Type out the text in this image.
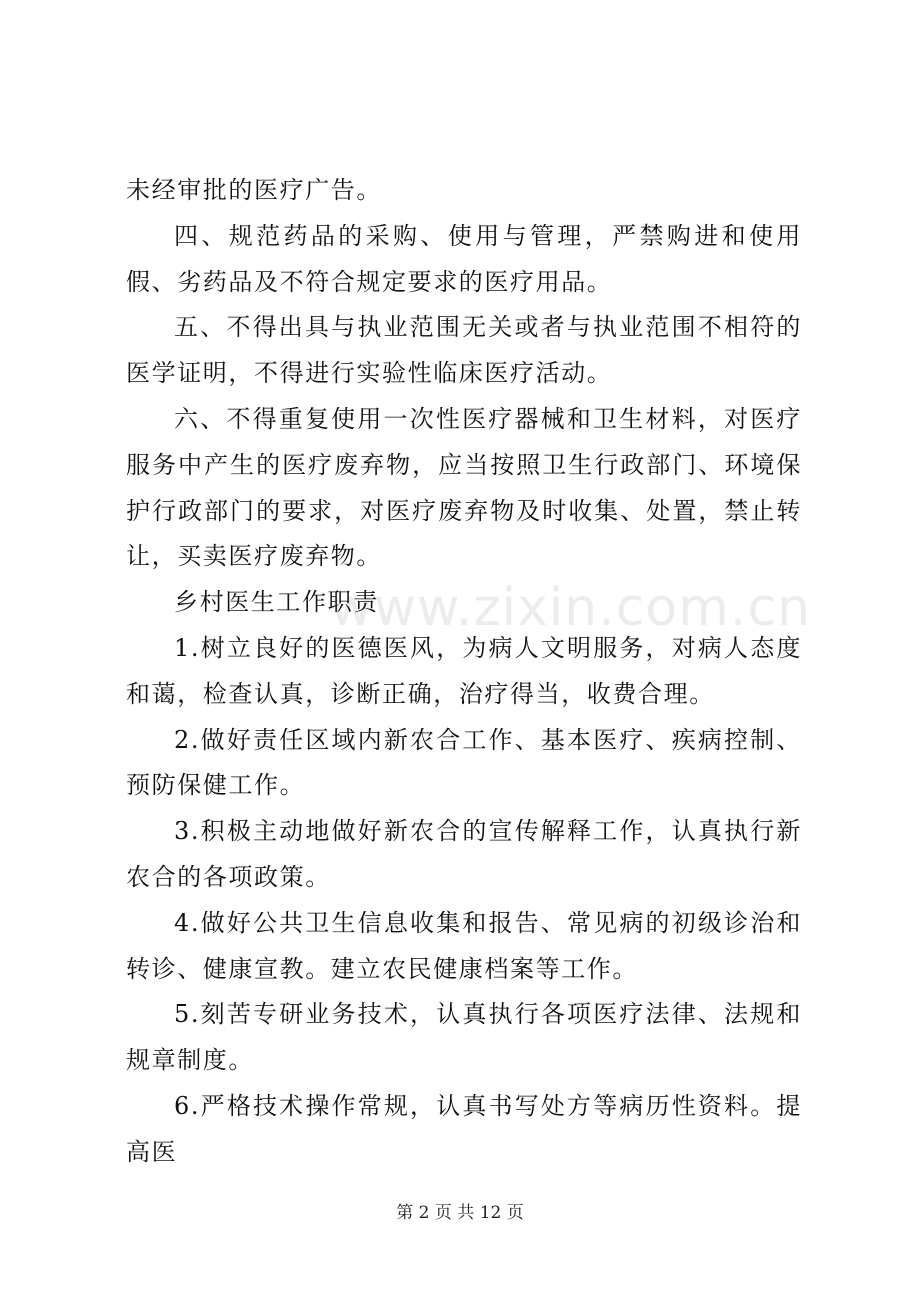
www.zixin.com.cn

未经审批的医疗广告。

四、规范药品的采购、使用与管理，严禁购进和使用假、劣药品及不符合规定要求的医疗用品。

五、不得出具与执业范围无关或者与执业范围不相符的医学证明，不得进行实验性临床医疗活动。

六、不得重复使用一次性医疗器械和卫生材料，对医疗服务中产生的医疗废弃物，应当按照卫生行政部门、环境保护行政部门的要求，对医疗废弃物及时收集、处置，禁止转让，买卖医疗废弃物。

乡村医生工作职责

1.树立良好的医德医风，为病人文明服务，对病人态度和蔼，检查认真，诊断正确，治疗得当，收费合理。

2.做好责任区域内新农合工作、基本医疗、疾病控制、预防保健工作。

3.积极主动地做好新农合的宣传解释工作，认真执行新农合的各项政策。

4.做好公共卫生信息收集和报告、常见病的初级诊治和转诊、健康宣教。建立农民健康档案等工作。

5.刻苦专研业务技术，认真执行各项医疗法律、法规和规章制度。

6.严格技术操作常规，认真书写处方等病历性资料。提高医

第 2 页 共 12 页
